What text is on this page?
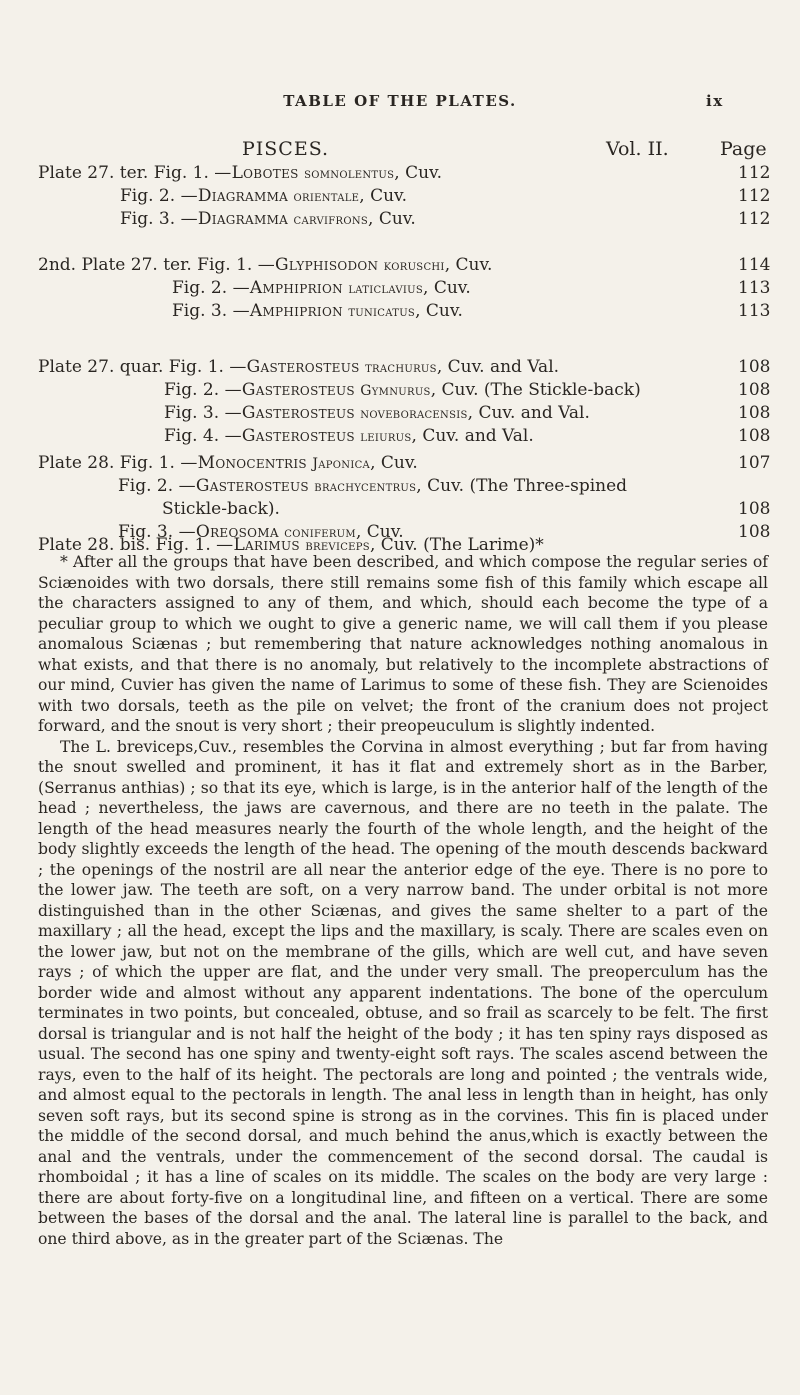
TABLE OF THE PLATES.	ix
PISCES.	Vol. II.	Page
Plate 27. ter. Fig. 1. —Lobotes somnolentus, Cuv.	112
Fig. 2. —Diagramma orientale, Cuv.	112
Fig. 3. —Diagramma carvifrons, Cuv.	112
2nd. Plate 27. ter. Fig. 1. —Glyphisodon koruschi, Cuv.	114
Fig. 2. —Amphiprion laticlavius, Cuv.	113
Fig. 3. —Amphiprion tunicatus, Cuv.	113
Plate 27. quar. Fig. 1. —Gasterosteus trachurus, Cuv. and Val.	108
Fig. 2. —Gasterosteus Gymnurus, Cuv. (The Stickle-back)	108
Fig. 3. —Gasterosteus noveboracensis, Cuv. and Val.	108
Fig. 4. —Gasterosteus leiurus, Cuv. and Val.	108
Plate 28. Fig. 1. —Monocentris Japonica, Cuv.	107
Fig. 2. —Gasterosteus brachycentrus, Cuv. (The Three-spined
Stickle-back).	108
Fig. 3. —Oreosoma coniferum, Cuv.	108
Plate 28. bis. Fig. 1. —Larimus breviceps, Cuv. (The Larime)*

* After all the groups that have been described, and which compose the regular series of Sciænoides with two dorsals, there still remains some fish of this family which escape all the characters assigned to any of them, and which, should each become the type of a peculiar group to which we ought to give a generic name, we will call them if you please anomalous Sciænas ; but remembering that nature acknowledges nothing anomalous in what exists, and that there is no anomaly, but relatively to the incomplete abstractions of our mind, Cuvier has given the name of Larimus to some of these fish. They are Scienoides with two dorsals, teeth as the pile on velvet; the front of the cranium does not project forward, and the snout is very short ; their preopeuculum is slightly indented.

The L. breviceps,Cuv., resembles the Corvina in almost everything ; but far from having the snout swelled and prominent, it has it flat and extremely short as in the Barber, (Serranus anthias) ; so that its eye, which is large, is in the anterior half of the length of the head ; nevertheless, the jaws are cavernous, and there are no teeth in the palate. The length of the head measures nearly the fourth of the whole length, and the height of the body slightly exceeds the length of the head. The opening of the mouth descends backward ; the openings of the nostril are all near the anterior edge of the eye. There is no pore to the lower jaw. The teeth are soft, on a very narrow band. The under orbital is not more distinguished than in the other Sciænas, and gives the same shelter to a part of the maxillary ; all the head, except the lips and the maxillary, is scaly. There are scales even on the lower jaw, but not on the membrane of the gills, which are well cut, and have seven rays ; of which the upper are flat, and the under very small. The preoperculum has the border wide and almost without any apparent indentations. The bone of the operculum terminates in two points, but concealed, obtuse, and so frail as scarcely to be felt. The first dorsal is triangular and is not half the height of the body ; it has ten spiny rays disposed as usual. The second has one spiny and twenty-eight soft rays. The scales ascend between the rays, even to the half of its height. The pectorals are long and pointed ; the ventrals wide, and almost equal to the pectorals in length. The anal less in length than in height, has only seven soft rays, but its second spine is strong as in the corvines. This fin is placed under the middle of the second dorsal, and much behind the anus,which is exactly between the anal and the ventrals, under the commencement of the second dorsal. The caudal is rhomboidal ; it has a line of scales on its middle. The scales on the body are very large : there are about forty-five on a longitudinal line, and fifteen on a vertical. There are some between the bases of the dorsal and the anal. The lateral line is parallel to the back, and one third above, as in the greater part of the Sciænas. The
